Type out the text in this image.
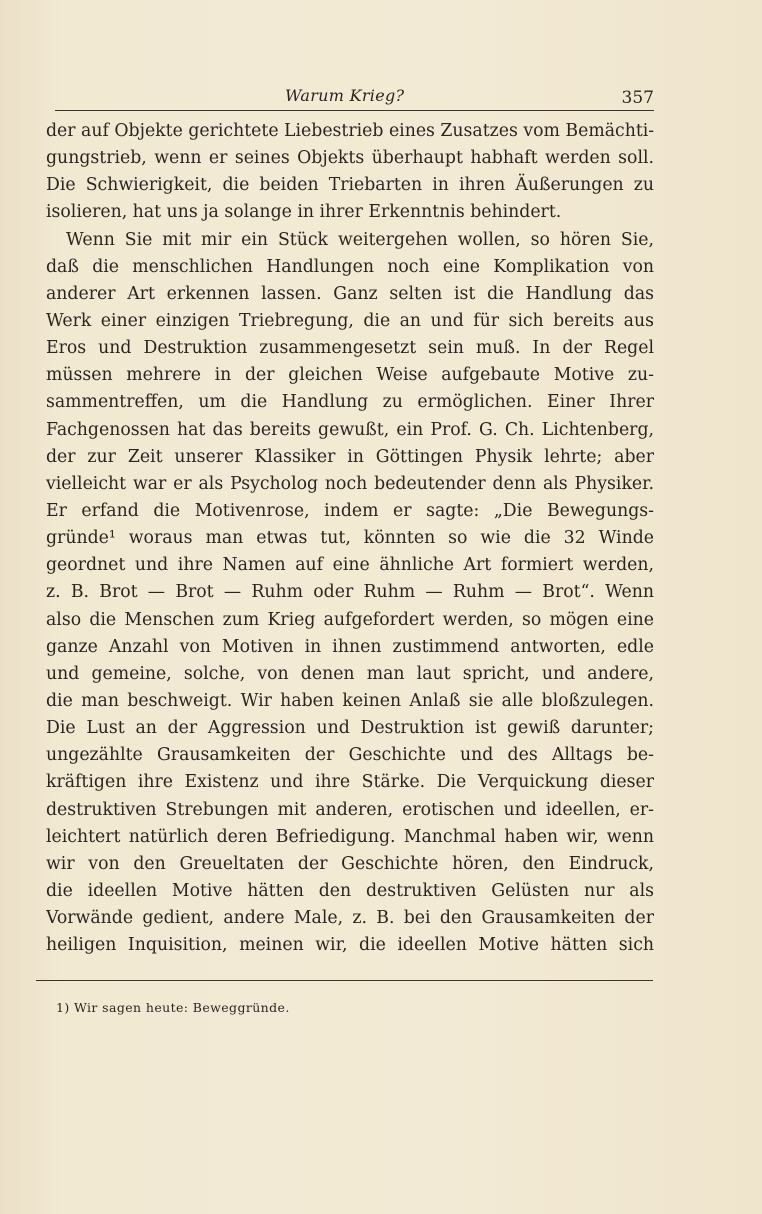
Warum Krieg?	357
der auf Objekte gerichtete Liebestrieb eines Zusatzes vom Bemächti-
gungstrieb, wenn er seines Objekts überhaupt habhaft werden soll.
Die Schwierigkeit, die beiden Triebarten in ihren Äußerungen zu
isolieren, hat uns ja solange in ihrer Erkenntnis behindert.
Wenn Sie mit mir ein Stück weitergehen wollen, so hören Sie,
daß die menschlichen Handlungen noch eine Komplikation von
anderer Art erkennen lassen. Ganz selten ist die Handlung das
Werk einer einzigen Triebregung, die an und für sich bereits aus
Eros und Destruktion zusammengesetzt sein muß. In der Regel
müssen mehrere in der gleichen Weise aufgebaute Motive zu-
sammentreffen, um die Handlung zu ermöglichen. Einer Ihrer
Fachgenossen hat das bereits gewußt, ein Prof. G. Ch. Lichtenberg,
der zur Zeit unserer Klassiker in Göttingen Physik lehrte; aber
vielleicht war er als Psycholog noch bedeutender denn als Physiker.
Er erfand die Motivenrose, indem er sagte: „Die Bewegungs-
gründe¹ woraus man etwas tut, könnten so wie die 32 Winde
geordnet und ihre Namen auf eine ähnliche Art formiert werden,
z. B. Brot — Brot — Ruhm oder Ruhm — Ruhm — Brot“. Wenn
also die Menschen zum Krieg aufgefordert werden, so mögen eine
ganze Anzahl von Motiven in ihnen zustimmend antworten, edle
und gemeine, solche, von denen man laut spricht, und andere,
die man beschweigt. Wir haben keinen Anlaß sie alle bloßzulegen.
Die Lust an der Aggression und Destruktion ist gewiß darunter;
ungezählte Grausamkeiten der Geschichte und des Alltags be-
kräftigen ihre Existenz und ihre Stärke. Die Verquickung dieser
destruktiven Strebungen mit anderen, erotischen und ideellen, er-
leichtert natürlich deren Befriedigung. Manchmal haben wir, wenn
wir von den Greueltaten der Geschichte hören, den Eindruck,
die ideellen Motive hätten den destruktiven Gelüsten nur als
Vorwände gedient, andere Male, z. B. bei den Grausamkeiten der
heiligen Inquisition, meinen wir, die ideellen Motive hätten sich
1) Wir sagen heute: Beweggründe.
